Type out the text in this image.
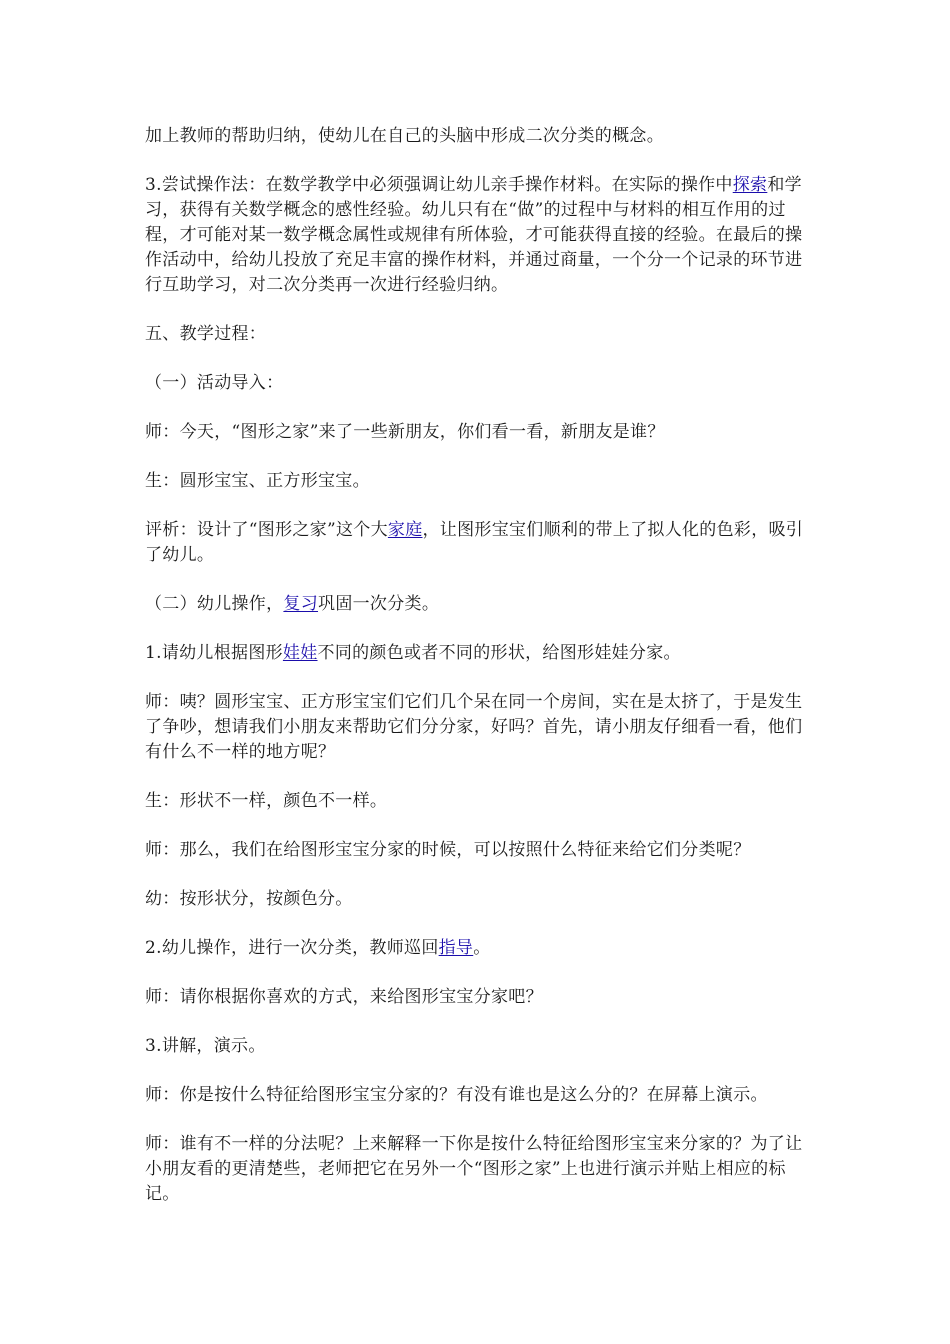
加上教师的帮助归纳，使幼儿在自己的头脑中形成二次分类的概念。

3.尝试操作法：在数学教学中必须强调让幼儿亲手操作材料。在实际的操作中探索和学习，获得有关数学概念的感性经验。幼儿只有在“做”的过程中与材料的相互作用的过程，才可能对某一数学概念属性或规律有所体验，才可能获得直接的经验。在最后的操作活动中，给幼儿投放了充足丰富的操作材料，并通过商量，一个分一个记录的环节进行互助学习，对二次分类再一次进行经验归纳。

五、教学过程：

（一）活动导入：

师：今天，“图形之家”来了一些新朋友，你们看一看，新朋友是谁？

生：圆形宝宝、正方形宝宝。

评析：设计了“图形之家”这个大家庭，让图形宝宝们顺利的带上了拟人化的色彩，吸引了幼儿。

（二）幼儿操作，复习巩固一次分类。

1.请幼儿根据图形娃娃不同的颜色或者不同的形状，给图形娃娃分家。

师：咦？圆形宝宝、正方形宝宝们它们几个呆在同一个房间，实在是太挤了，于是发生了争吵，想请我们小朋友来帮助它们分分家，好吗？首先，请小朋友仔细看一看，他们有什么不一样的地方呢？

生：形状不一样，颜色不一样。

师：那么，我们在给图形宝宝分家的时候，可以按照什么特征来给它们分类呢？

幼：按形状分，按颜色分。

2.幼儿操作，进行一次分类，教师巡回指导。

师：请你根据你喜欢的方式，来给图形宝宝分家吧？

3.讲解，演示。

师：你是按什么特征给图形宝宝分家的？有没有谁也是这么分的？在屏幕上演示。

师：谁有不一样的分法呢？上来解释一下你是按什么特征给图形宝宝来分家的？为了让小朋友看的更清楚些，老师把它在另外一个“图形之家”上也进行演示并贴上相应的标记。
